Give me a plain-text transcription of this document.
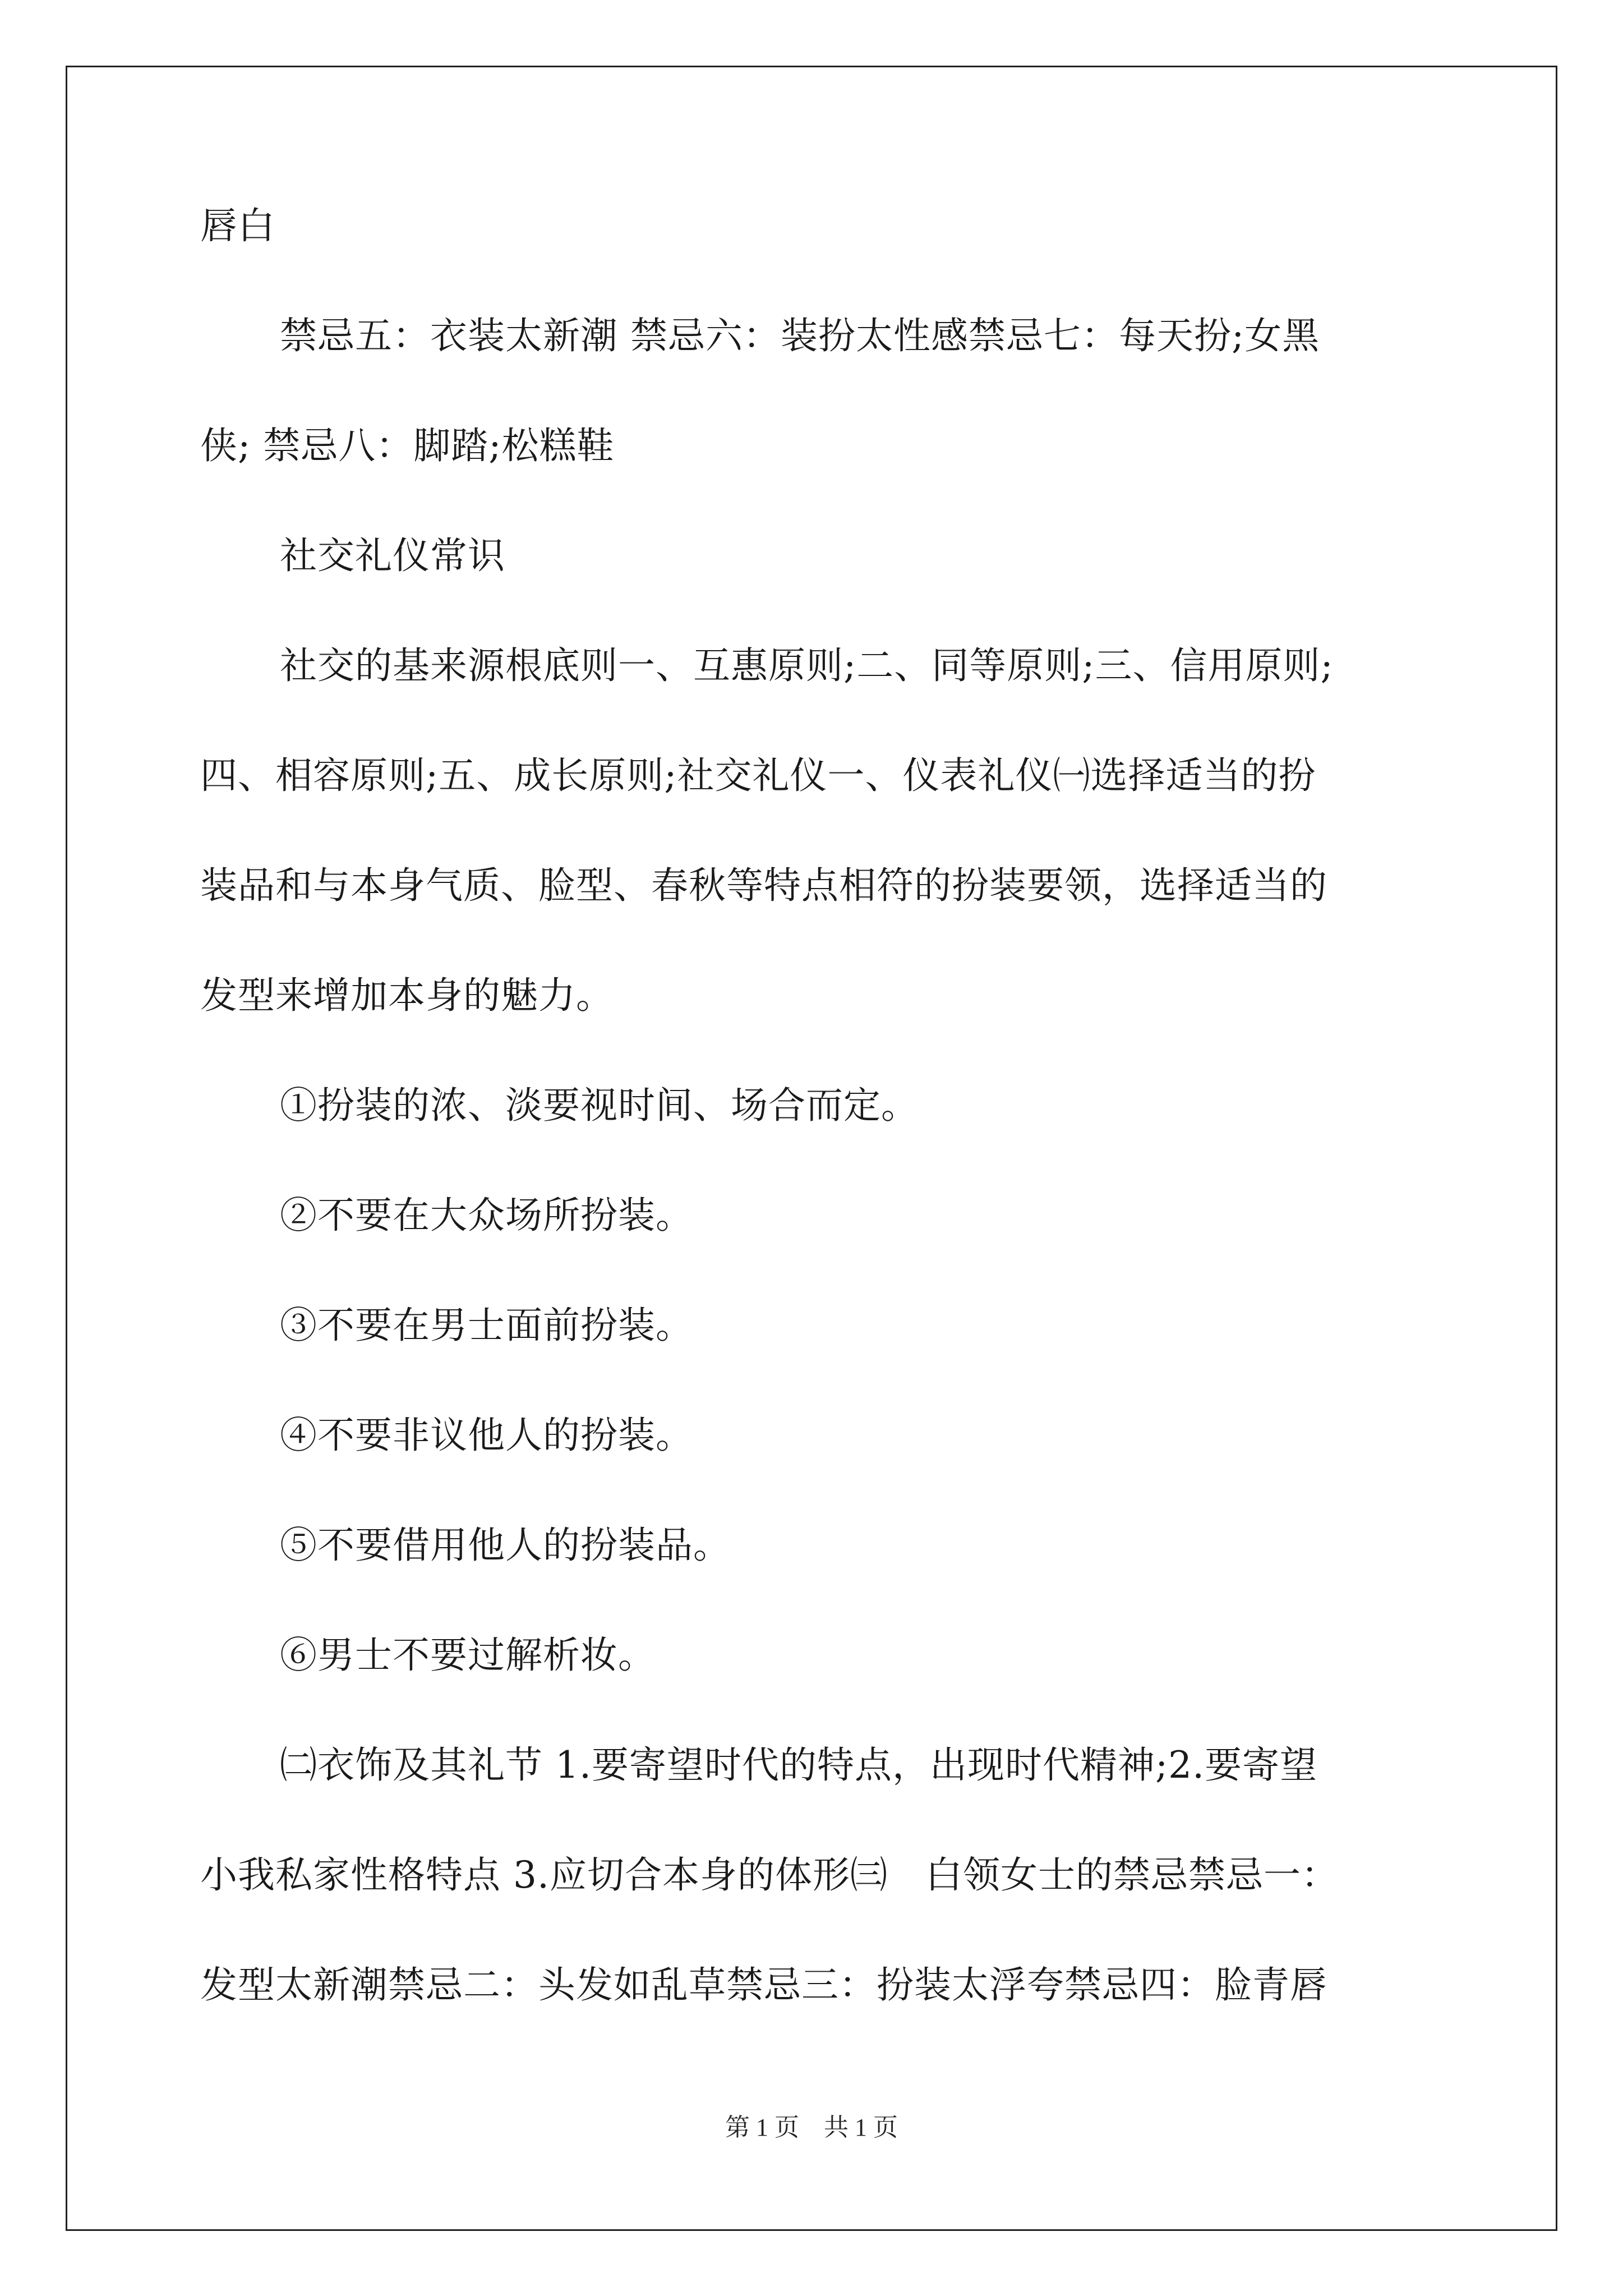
唇白

禁忌五：衣装太新潮 禁忌六：装扮太性感禁忌七：每天扮;女黑

侠; 禁忌八：脚踏;松糕鞋

社交礼仪常识

社交的基来源根底则一、互惠原则;二、同等原则;三、信用原则;

四、相容原则;五、成长原则;社交礼仪一、仪表礼仪㈠选择适当的扮

装品和与本身气质、脸型、春秋等特点相符的扮装要领，选择适当的

发型来增加本身的魅力。

①扮装的浓、淡要视时间、场合而定。

②不要在大众场所扮装。

③不要在男士面前扮装。

④不要非议他人的扮装。

⑤不要借用他人的扮装品。

⑥男士不要过解析妆。

㈡衣饰及其礼节 1.要寄望时代的特点，出现时代精神;2.要寄望

小我私家性格特点 3.应切合本身的体形㈢　白领女士的禁忌禁忌一：

发型太新潮禁忌二：头发如乱草禁忌三：扮装太浮夸禁忌四：脸青唇

第 1 页　共 1 页
